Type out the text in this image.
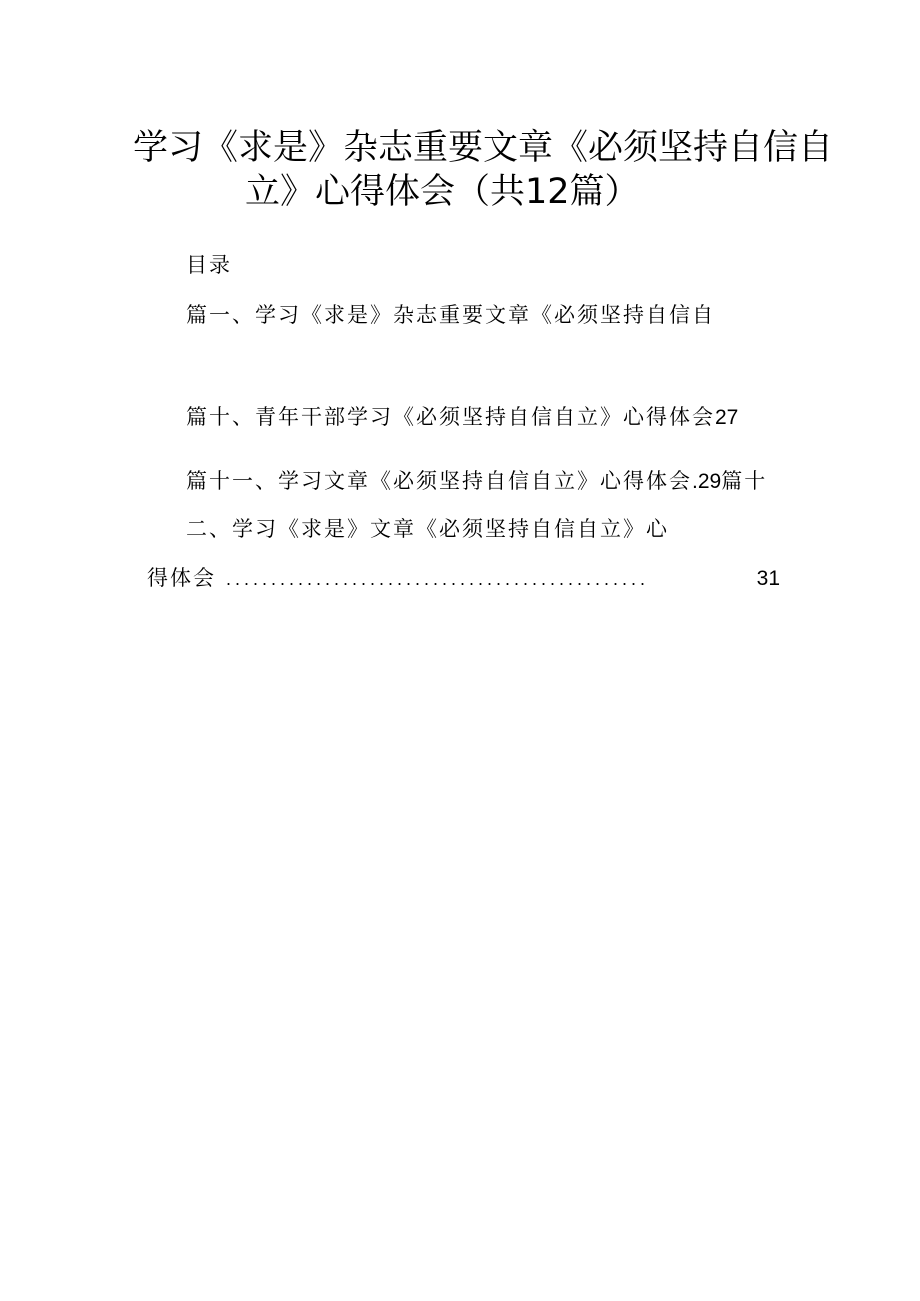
学习《求是》杂志重要文章《必须坚持自信自
立》心得体会（共12篇）
目录
篇一、学习《求是》杂志重要文章《必须坚持自信自
篇十、青年干部学习《必须坚持自信自立》心得体会27
篇十一、学习文章《必须坚持自信自立》心得体会.29篇十
二、学习《求是》文章《必须坚持自信自立》心
得体会 ...............................................	31
